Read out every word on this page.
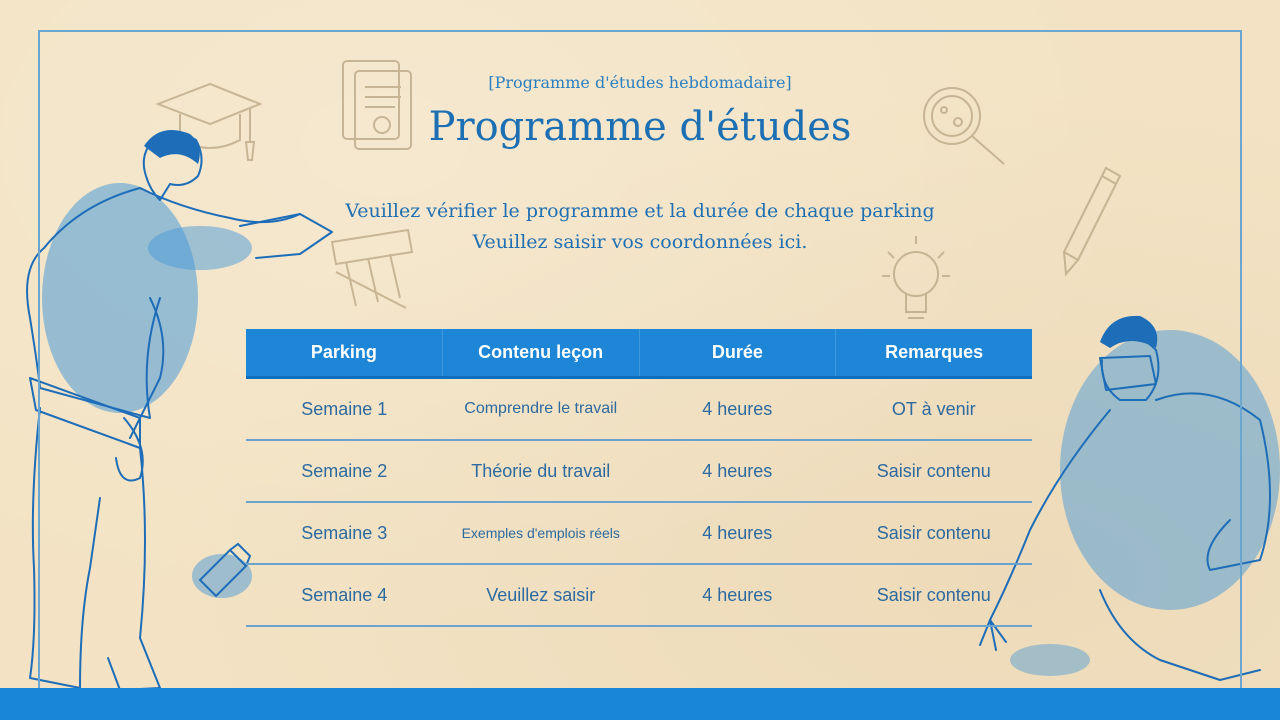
[Programme d'études hebdomadaire]
Programme d'études
Veuillez vérifier le programme et la durée de chaque parking
Veuillez saisir vos coordonnées ici.
Parking	Contenu leçon	Durée	Remarques
Semaine 1	Comprendre le travail	4 heures	OT à venir
Semaine 2	Théorie du travail	4 heures	Saisir contenu
Semaine 3	Exemples d'emplois réels	4 heures	Saisir contenu
Semaine 4	Veuillez saisir	4 heures	Saisir contenu
